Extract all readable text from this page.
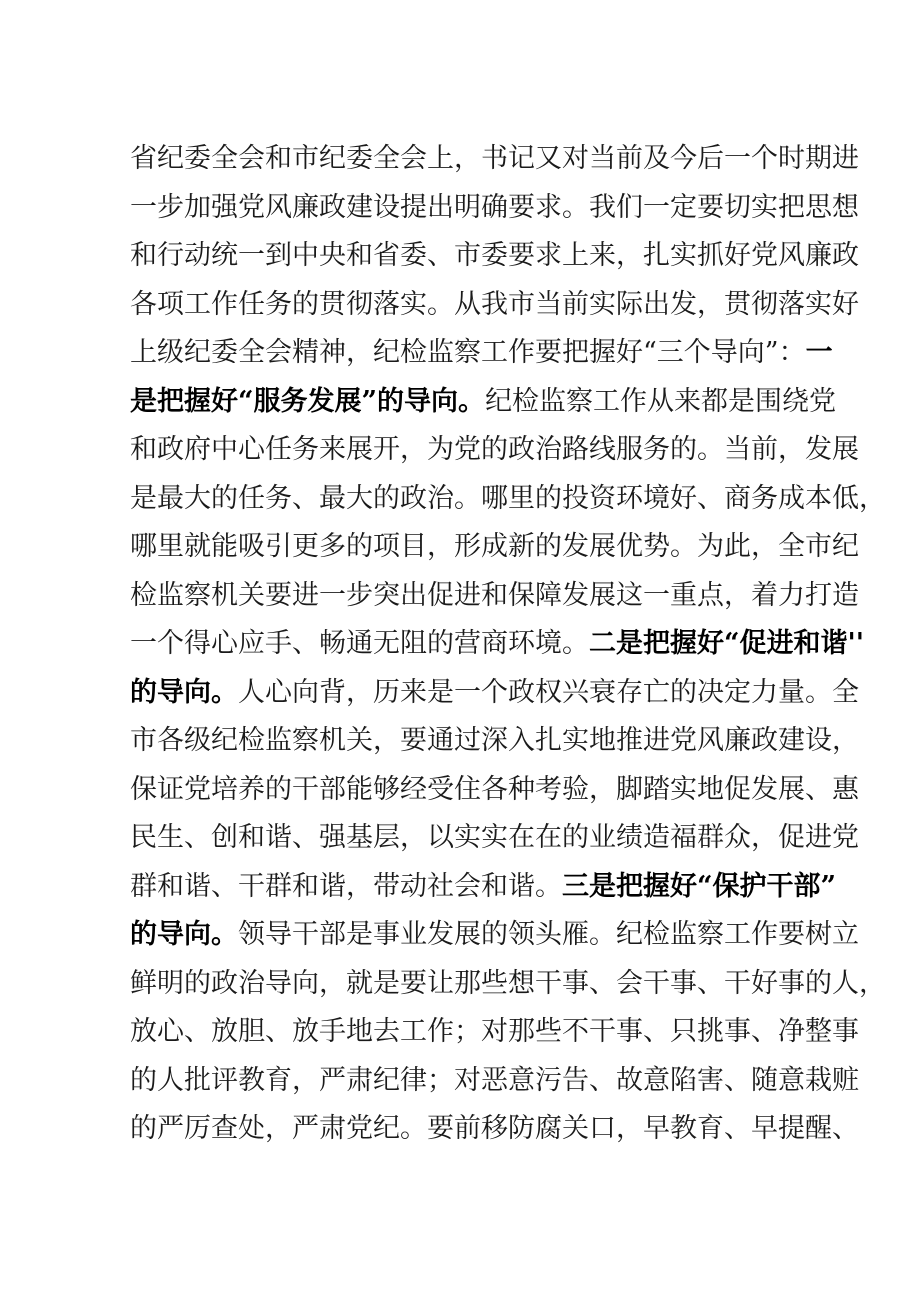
省纪委全会和市纪委全会上，书记又对当前及今后一个时期进
一步加强党风廉政建设提出明确要求。我们一定要切实把思想
和行动统一到中央和省委、市委要求上来，扎实抓好党风廉政
各项工作任务的贯彻落实。从我市当前实际出发，贯彻落实好
上级纪委全会精神，纪检监察工作要把握好“三个导向”：一
是把握好“服务发展”的导向。纪检监察工作从来都是围绕党
和政府中心任务来展开，为党的政治路线服务的。当前，发展
是最大的任务、最大的政治。哪里的投资环境好、商务成本低，
哪里就能吸引更多的项目，形成新的发展优势。为此，全市纪
检监察机关要进一步突出促进和保障发展这一重点，着力打造
一个得心应手、畅通无阻的营商环境。二是把握好“促进和谐''
的导向。人心向背，历来是一个政权兴衰存亡的决定力量。全
市各级纪检监察机关，要通过深入扎实地推进党风廉政建设，
保证党培养的干部能够经受住各种考验，脚踏实地促发展、惠
民生、创和谐、强基层，以实实在在的业绩造福群众，促进党
群和谐、干群和谐，带动社会和谐。三是把握好“保护干部”
的导向。领导干部是事业发展的领头雁。纪检监察工作要树立
鲜明的政治导向，就是要让那些想干事、会干事、干好事的人，
放心、放胆、放手地去工作；对那些不干事、只挑事、净整事
的人批评教育，严肃纪律；对恶意污告、故意陷害、随意栽赃
的严厉查处，严肃党纪。要前移防腐关口，早教育、早提醒、
